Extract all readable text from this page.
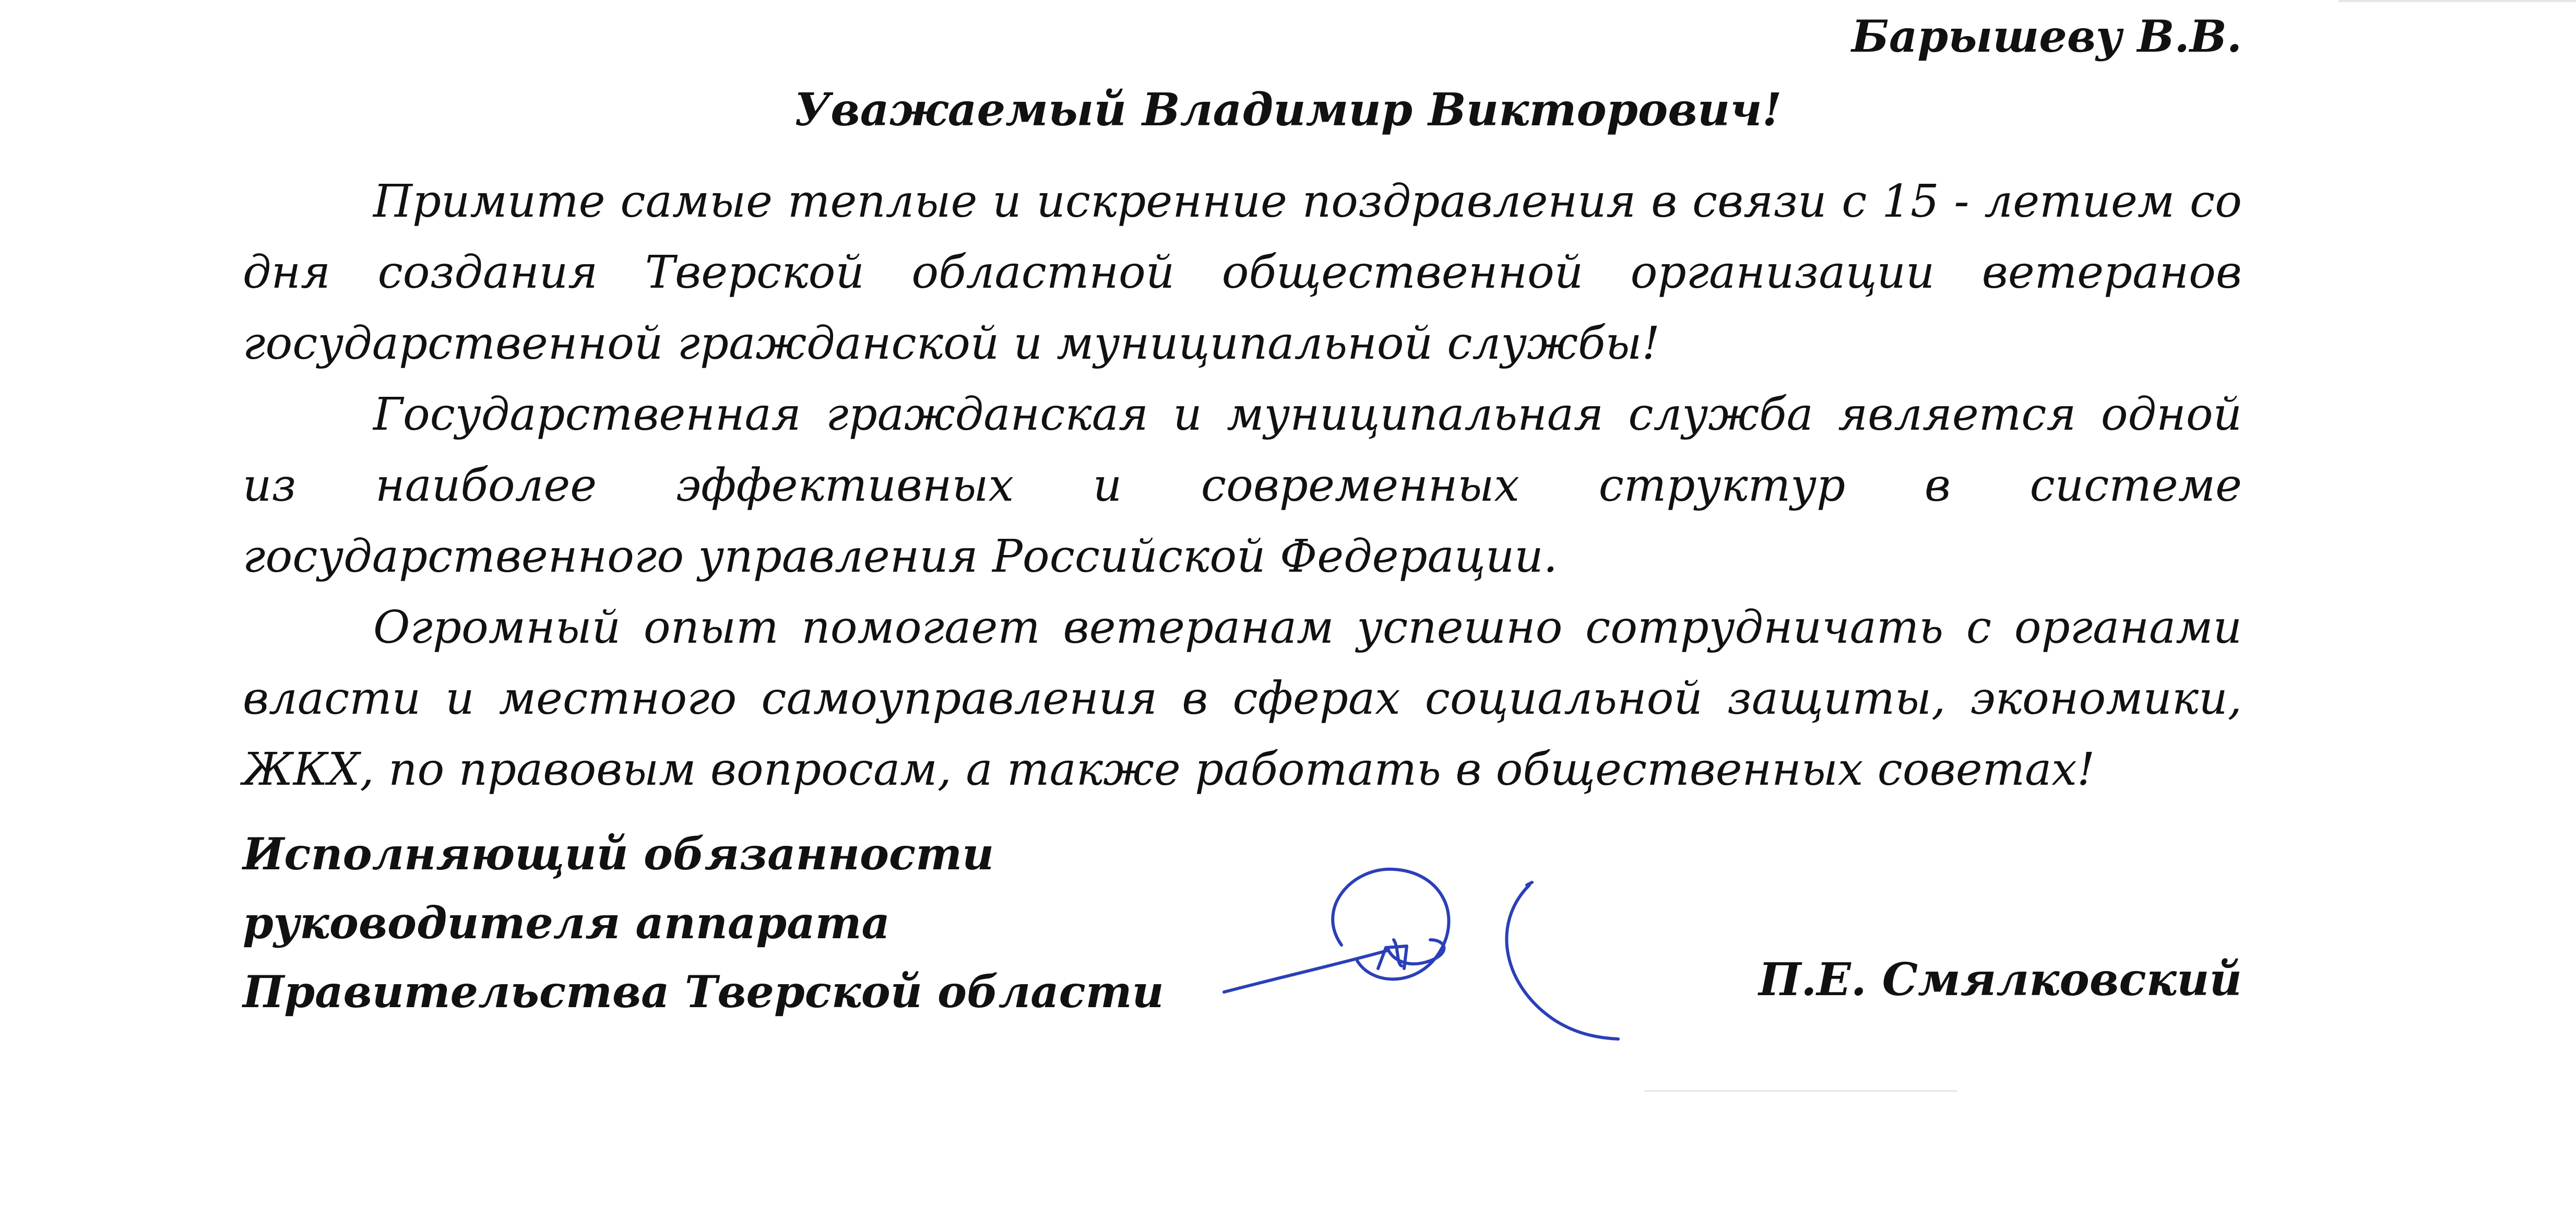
Барышеву В.В.
Уважаемый Владимир Викторович!

Примите самые теплые и искренние поздравления в связи с 15 - летием со дня создания Тверской областной общественной организации ветеранов государственной гражданской и муниципальной службы!

Государственная гражданская и муниципальная служба является одной из наиболее эффективных и современных структур в системе государственного управления Российской Федерации.

Огромный опыт помогает ветеранам успешно сотрудничать с органами власти и местного самоуправления в сферах социальной защиты, экономики, ЖКХ, по правовым вопросам, а также работать в общественных советах!

Исполняющий обязанности
руководителя аппарата
Правительства Тверской области	П.Е. Смялковский
